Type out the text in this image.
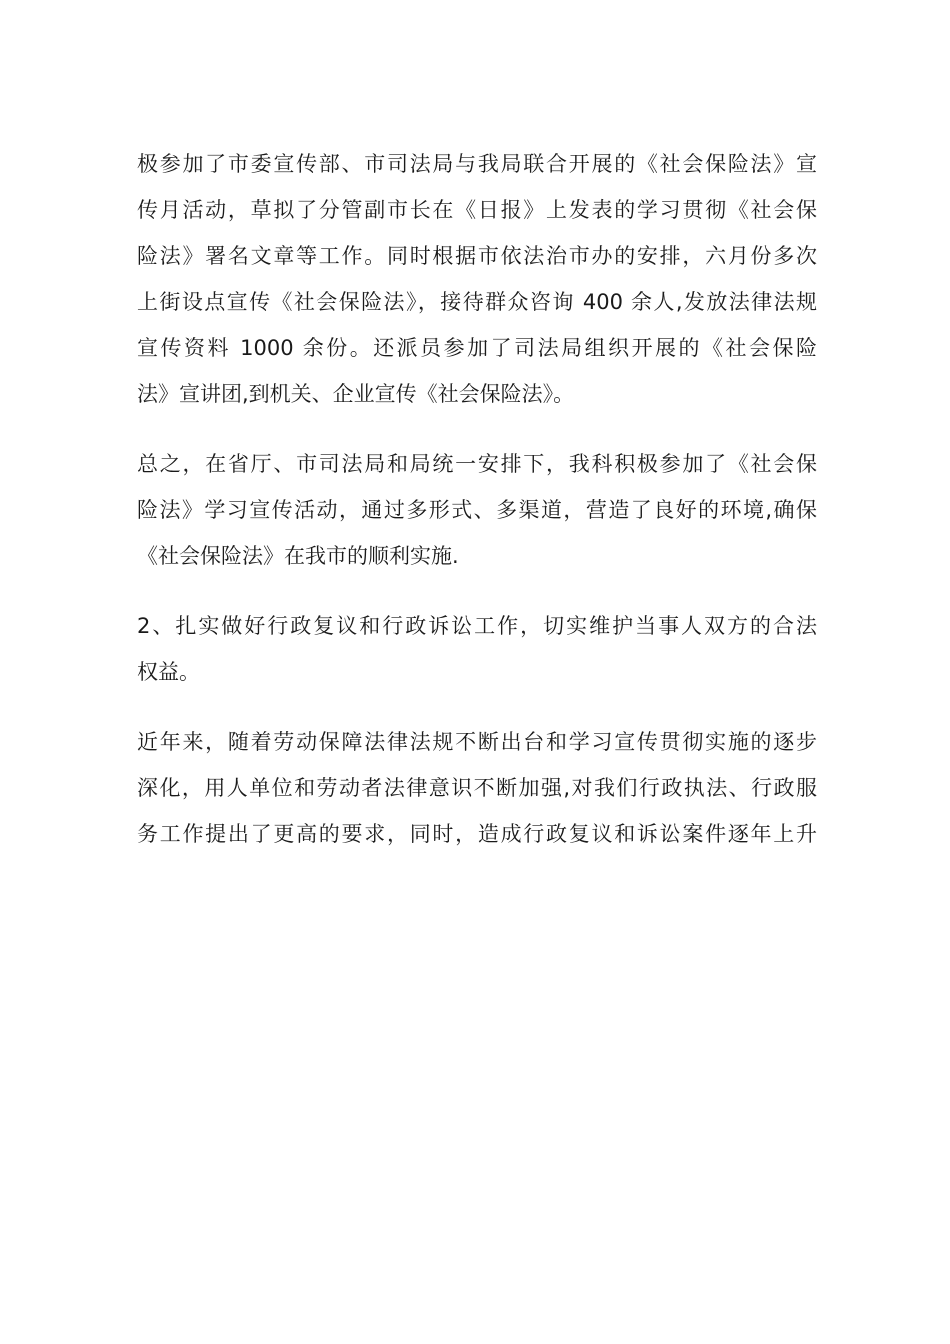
极参加了市委宣传部、市司法局与我局联合开展的《社会保险法》宣

传月活动，草拟了分管副市长在《日报》上发表的学习贯彻《社会保

险法》署名文章等工作。同时根据市依法治市办的安排，六月份多次

上街设点宣传《社会保险法》，接待群众咨询 400 余人,发放法律法规

宣传资料 1000 余份。还派员参加了司法局组织开展的《社会保险

法》宣讲团,到机关、企业宣传《社会保险法》。

总之，在省厅、市司法局和局统一安排下，我科积极参加了《社会保

险法》学习宣传活动，通过多形式、多渠道，营造了良好的环境,确保

《社会保险法》在我市的顺利实施.

2、扎实做好行政复议和行政诉讼工作，切实维护当事人双方的合法

权益。

近年来，随着劳动保障法律法规不断出台和学习宣传贯彻实施的逐步

深化，用人单位和劳动者法律意识不断加强,对我们行政执法、行政服

务工作提出了更高的要求，同时，造成行政复议和诉讼案件逐年上升
